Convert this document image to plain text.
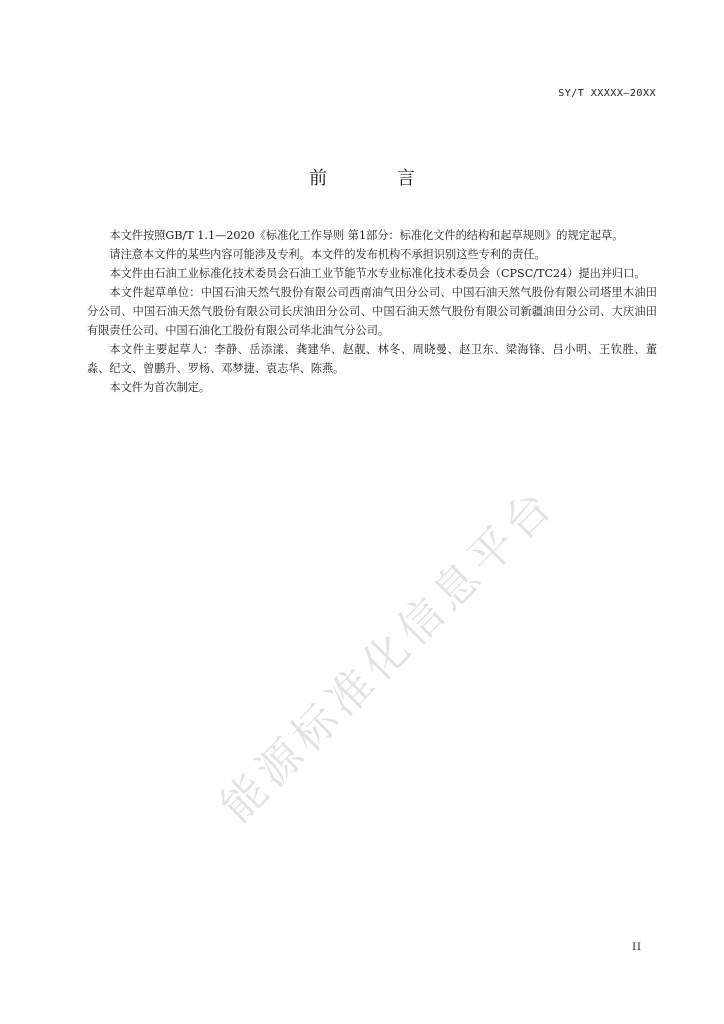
SY/T XXXXX—20XX
前 言

本文件按照GB/T 1.1—2020《标准化工作导则 第1部分：标准化文件的结构和起草规则》的规定起草。

请注意本文件的某些内容可能涉及专利。本文件的发布机构不承担识别这些专利的责任。

本文件由石油工业标准化技术委员会石油工业节能节水专业标准化技术委员会（CPSC/TC24）提出并归口。

本文件起草单位：中国石油天然气股份有限公司西南油气田分公司、中国石油天然气股份有限公司塔里木油田分公司、中国石油天然气股份有限公司长庆油田分公司、中国石油天然气股份有限公司新疆油田分公司、大庆油田有限责任公司、中国石油化工股份有限公司华北油气分公司。

本文件主要起草人：李静、岳添漾、龚建华、赵靓、林冬、周晓曼、赵卫东、梁海锋、吕小明、王钦胜、董淼、纪文、曾鹏升、罗杨、邓梦捷、袁志华、陈燕。

本文件为首次制定。

能源标准化信息平台
II
